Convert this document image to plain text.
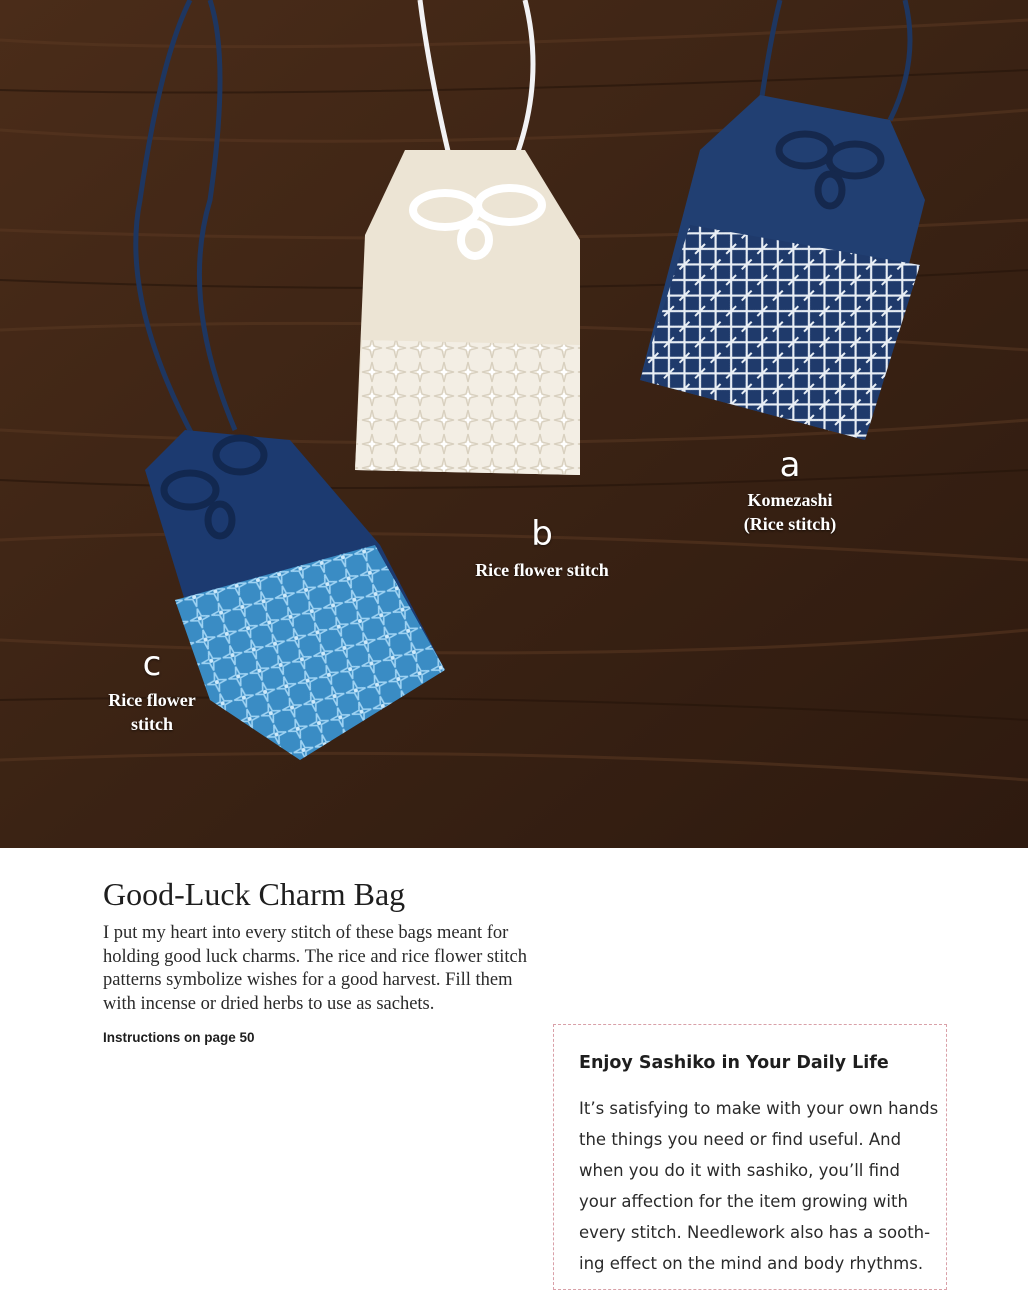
a
Komezashi
(Rice stitch)
b
Rice flower stitch
c
Rice flower
stitch
Good-Luck Charm Bag
I put my heart into every stitch of these bags meant for
holding good luck charms. The rice and rice flower stitch
patterns symbolize wishes for a good harvest. Fill them
with incense or dried herbs to use as sachets.
Instructions on page 50
Enjoy Sashiko in Your Daily Life
It’s satisfying to make with your own hands
the things you need or find useful. And
when you do it with sashiko, you’ll find
your affection for the item growing with
every stitch. Needlework also has a sooth-
ing effect on the mind and body rhythms.
